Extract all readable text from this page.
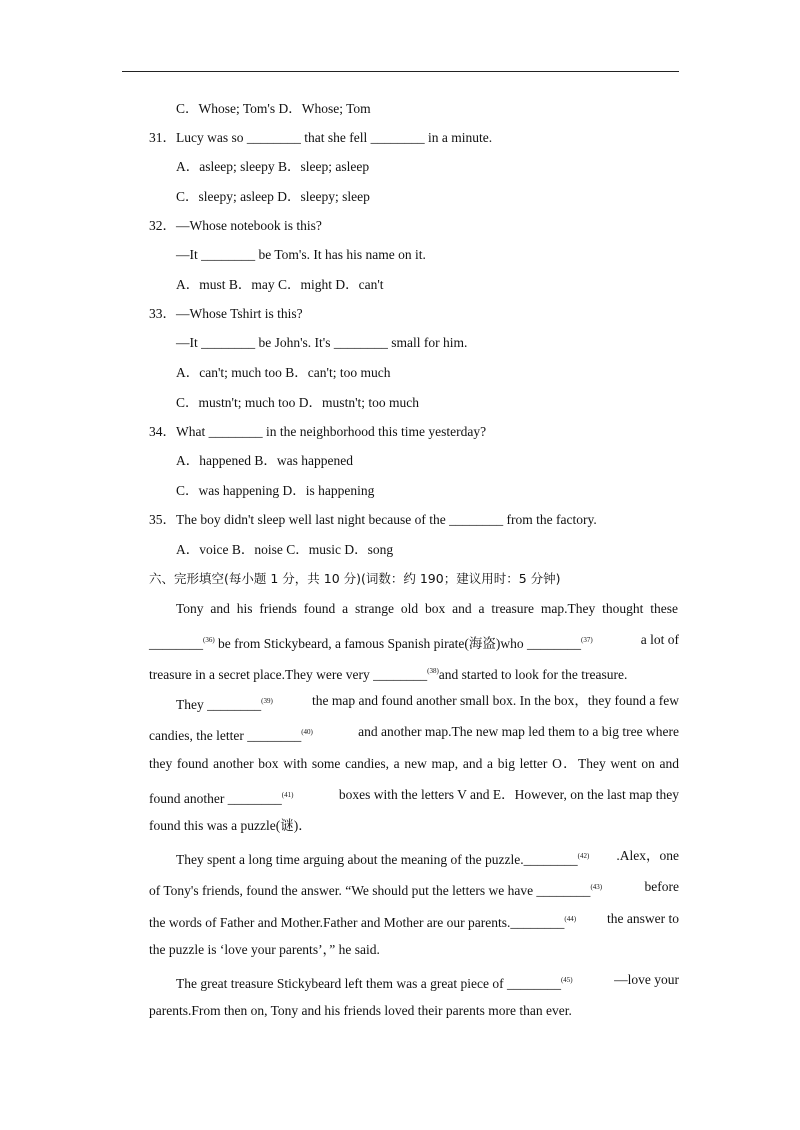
C．Whose; Tom's D．Whose; Tom
31．Lucy was so ________ that she fell ________ in a minute.
A．asleep; sleepy B．sleep; asleep
C．sleepy; asleep D．sleepy; sleep
32．—Whose notebook is this?
—It ________ be Tom's. It has his name on it.
A．must B．may C．might D．can't
33．—Whose Tshirt is this?
—It ________ be John's. It's ________ small for him.
A．can't; much too B．can't; too much
C．mustn't; much too D．mustn't; too much
34．What ________ in the neighborhood this time yesterday?
A．happened B．was happened
C．was happening D．is happening
35．The boy didn't sleep well last night because of the ________ from the factory.
A．voice B．noise C．music D．song
六、完形填空(每小题 1 分，共 10 分)(词数：约 190；建议用时：5 分钟)
Tony and his friends found a strange old box and a treasure map.They thought these
________$^{(36)}$ be from Stickybeard, a famous Spanish pirate(海盗)who ________$^{(37)}$	a lot of
treasure in a secret place.They were very ________$^{(38)}$and started to look for the treasure.
They ________$^{(39)}$	the map and found another small box. In the box，they found a few
candies, the letter ________$^{(40)}$	and another map.The new map led them to a big tree where
they found another box with some candies, a new map, and a big letter O．They went on and
found another ________$^{(41)}$	boxes with the letters V and E．However, on the last map they
found this was a puzzle(谜)．
They spent a long time arguing about the meaning of the puzzle.________$^{(42)}$ .Alex，one
of Tony's friends, found the answer. “We should put the letters we have ________$^{(43)}$	before
the words of Father and Mother.Father and Mother are our parents.________$^{(44)}$ the answer to
the puzzle is ‘love your parents’，” he said.
The great treasure Stickybeard left them was a great piece of ________$^{(45)}$	—love your
parents.From then on, Tony and his friends loved their parents more than ever.
